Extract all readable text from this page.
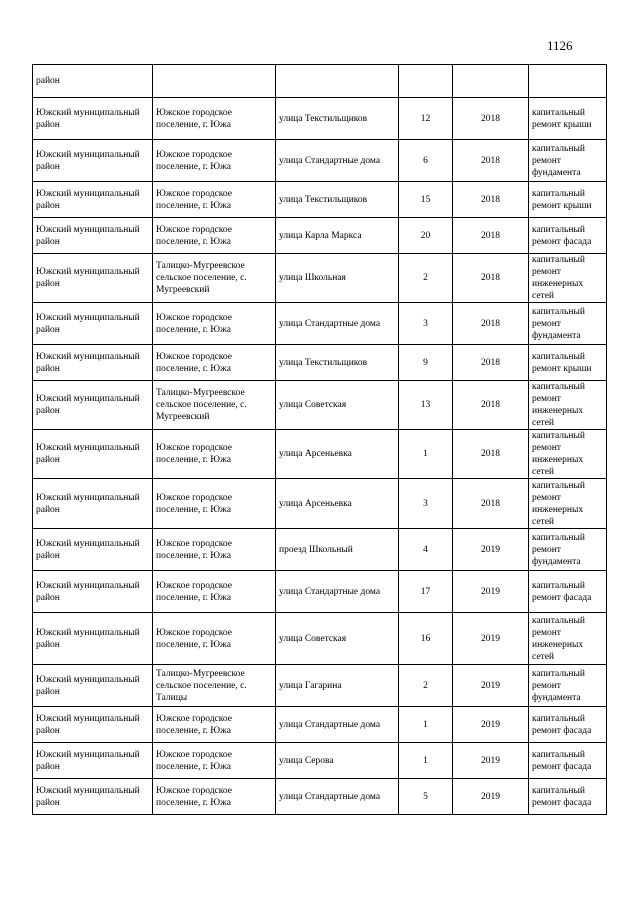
1126
район					
Южский муниципальный район	Южское городское поселение, г. Южа	улица Текстильщиков	12	2018	капитальный ремонт крыши
Южский муниципальный район	Южское городское поселение, г. Южа	улица Стандартные дома	6	2018	капитальный ремонт фундамента
Южский муниципальный район	Южское городское поселение, г. Южа	улица Текстильщиков	15	2018	капитальный ремонт крыши
Южский муниципальный район	Южское городское поселение, г. Южа	улица Карла Маркса	20	2018	капитальный ремонт фасада
Южский муниципальный район	Талицко-Мугреевское сельское поселение, с. Мугреевский	улица Школьная	2	2018	капитальный ремонт инженерных сетей
Южский муниципальный район	Южское городское поселение, г. Южа	улица Стандартные дома	3	2018	капитальный ремонт фундамента
Южский муниципальный район	Южское городское поселение, г. Южа	улица Текстильщиков	9	2018	капитальный ремонт крыши
Южский муниципальный район	Талицко-Мугреевское сельское поселение, с. Мугреевский	улица Советская	13	2018	капитальный ремонт инженерных сетей
Южский муниципальный район	Южское городское поселение, г. Южа	улица Арсеньевка	1	2018	капитальный ремонт инженерных сетей
Южский муниципальный район	Южское городское поселение, г. Южа	улица Арсеньевка	3	2018	капитальный ремонт инженерных сетей
Южский муниципальный район	Южское городское поселение, г. Южа	проезд Школьный	4	2019	капитальный ремонт фундамента
Южский муниципальный район	Южское городское поселение, г. Южа	улица Стандартные дома	17	2019	капитальный ремонт фасада
Южский муниципальный район	Южское городское поселение, г. Южа	улица Советская	16	2019	капитальный ремонт инженерных сетей
Южский муниципальный район	Талицко-Мугреевское сельское поселение, с. Талицы	улица Гагарина	2	2019	капитальный ремонт фундамента
Южский муниципальный район	Южское городское поселение, г. Южа	улица Стандартные дома	1	2019	капитальный ремонт фасада
Южский муниципальный район	Южское городское поселение, г. Южа	улица Серова	1	2019	капитальный ремонт фасада
Южский муниципальный район	Южское городское поселение, г. Южа	улица Стандартные дома	5	2019	капитальный ремонт фасада
